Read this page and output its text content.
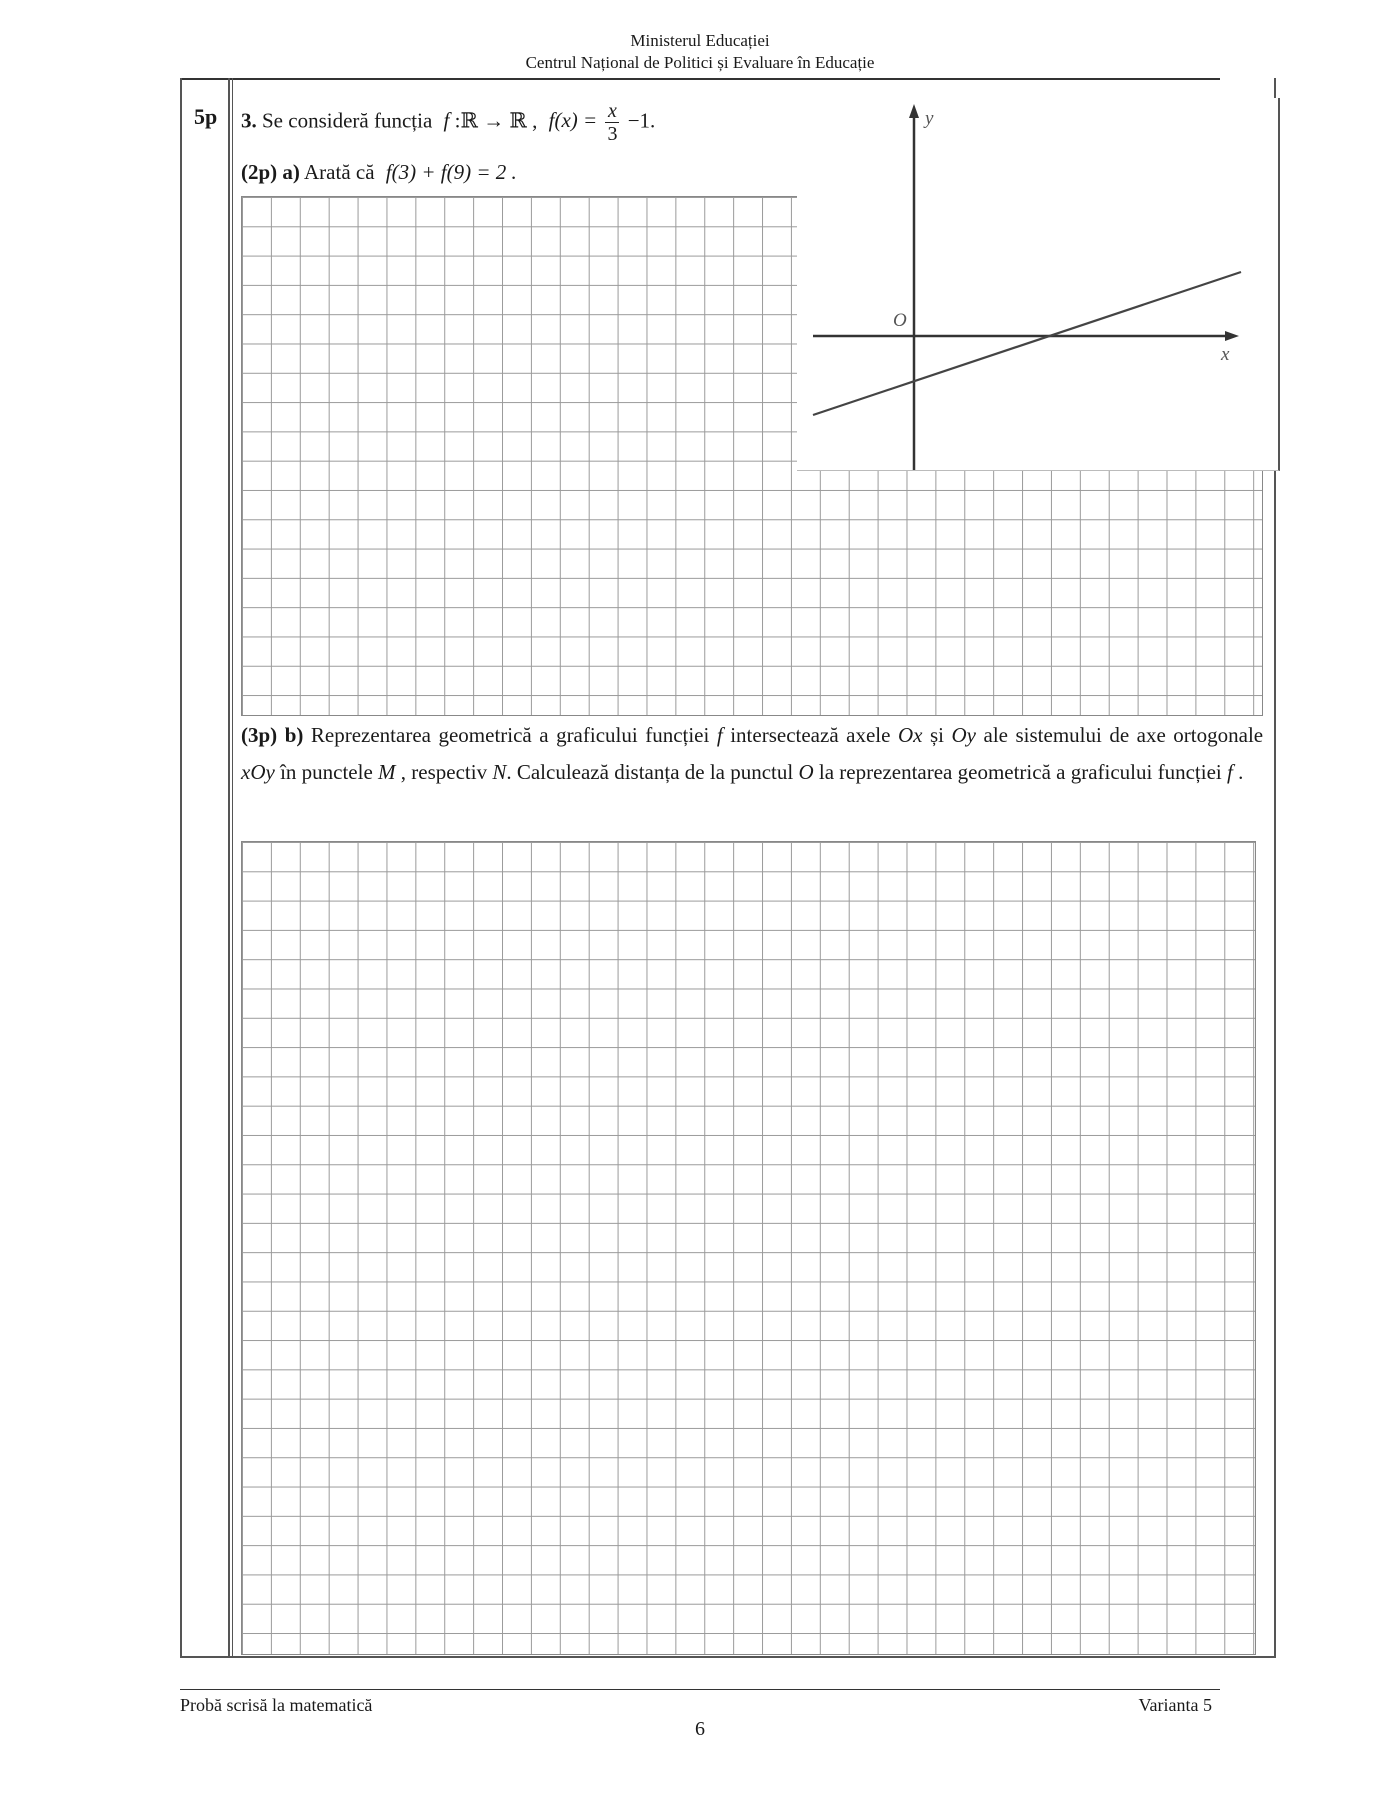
Ministerul Educației
Centrul Național de Politici și Evaluare în Educație
5p 3. Se consideră funcția f :ℝ → ℝ , $f(x) = \frac{x}{3} -1$.
(2p) a) Arată că f(3) + f(9) = 2 .
y
x
O
(3p) b) Reprezentarea geometrică a graficului funcției f intersectează axele Ox și Oy ale sistemului de axe ortogonale xOy în punctele M , respectiv N. Calculează distanța de la punctul O la reprezentarea geometrică a graficului funcției f .
Probă scrisă la matematică	Varianta 5
6
